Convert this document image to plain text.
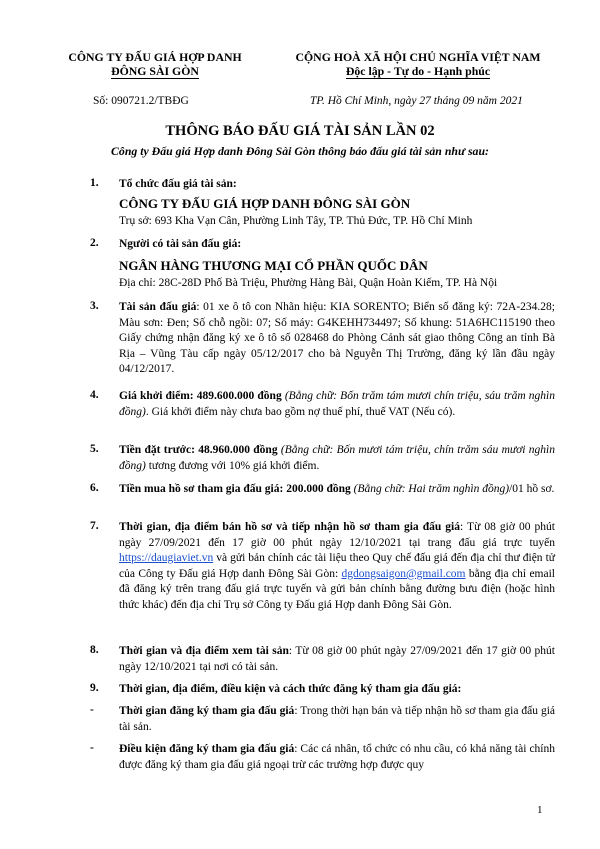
CÔNG TY ĐẤU GIÁ HỢP DANH
ĐÔNG SÀI GÒN
CỘNG HOÀ XÃ HỘI CHỦ NGHĨA VIỆT NAM
Độc lập - Tự do - Hạnh phúc
Số: 090721.2/TBĐG	TP. Hồ Chí Minh, ngày 27 tháng 09 năm 2021
THÔNG BÁO ĐẤU GIÁ TÀI SẢN LẦN 02
Công ty Đấu giá Hợp danh Đông Sài Gòn thông báo đấu giá tài sản như sau:
1. Tổ chức đấu giá tài sản:
CÔNG TY ĐẤU GIÁ HỢP DANH ĐÔNG SÀI GÒN
Trụ sở: 693 Kha Vạn Cân, Phường Linh Tây, TP. Thủ Đức, TP. Hồ Chí Minh
2. Người có tài sản đấu giá:
NGÂN HÀNG THƯƠNG MẠI CỔ PHẦN QUỐC DÂN
Địa chỉ: 28C-28D Phố Bà Triệu, Phường Hàng Bài, Quận Hoàn Kiếm, TP. Hà Nội
3. Tài sản đấu giá: 01 xe ô tô con Nhãn hiệu: KIA SORENTO; Biển số đăng ký: 72A-234.28; Màu sơn: Đen; Số chỗ ngồi: 07; Số máy: G4KEHH734497; Số khung: 51A6HC115190 theo Giấy chứng nhận đăng ký xe ô tô số 028468 do Phòng Cảnh sát giao thông Công an tỉnh Bà Rịa – Vũng Tàu cấp ngày 05/12/2017 cho bà Nguyễn Thị Trường, đăng ký lần đầu ngày 04/12/2017.
4. Giá khởi điểm: 489.600.000 đồng (Bằng chữ: Bốn trăm tám mươi chín triệu, sáu trăm nghìn đồng). Giá khởi điểm này chưa bao gồm nợ thuế phí, thuế VAT (Nếu có).
5. Tiền đặt trước: 48.960.000 đồng (Bằng chữ: Bốn mươi tám triệu, chín trăm sáu mươi nghìn đồng) tương đương với 10% giá khởi điểm.
6. Tiền mua hồ sơ tham gia đấu giá: 200.000 đồng (Bằng chữ: Hai trăm nghìn đồng)/01 hồ sơ.
7. Thời gian, địa điểm bán hồ sơ và tiếp nhận hồ sơ tham gia đấu giá: Từ 08 giờ 00 phút ngày 27/09/2021 đến 17 giờ 00 phút ngày 12/10/2021 tại trang đấu giá trực tuyến https://daugiaviet.vn và gửi bản chính các tài liệu theo Quy chế đấu giá đến địa chỉ thư điện tử của Công ty Đấu giá Hợp danh Đông Sài Gòn: dgdongsaigon@gmail.com bằng địa chỉ email đã đăng ký trên trang đấu giá trực tuyến và gửi bản chính bằng đường bưu điện (hoặc hình thức khác) đến địa chỉ Trụ sở Công ty Đấu giá Hợp danh Đông Sài Gòn.
8. Thời gian và địa điểm xem tài sản: Từ 08 giờ 00 phút ngày 27/09/2021 đến 17 giờ 00 phút ngày 12/10/2021 tại nơi có tài sản.
9. Thời gian, địa điểm, điều kiện và cách thức đăng ký tham gia đấu giá:
- Thời gian đăng ký tham gia đấu giá: Trong thời hạn bán và tiếp nhận hồ sơ tham gia đấu giá tài sản.
- Điều kiện đăng ký tham gia đấu giá: Các cá nhân, tổ chức có nhu cầu, có khả năng tài chính được đăng ký tham gia đấu giá ngoại trừ các trường hợp được quy
1
